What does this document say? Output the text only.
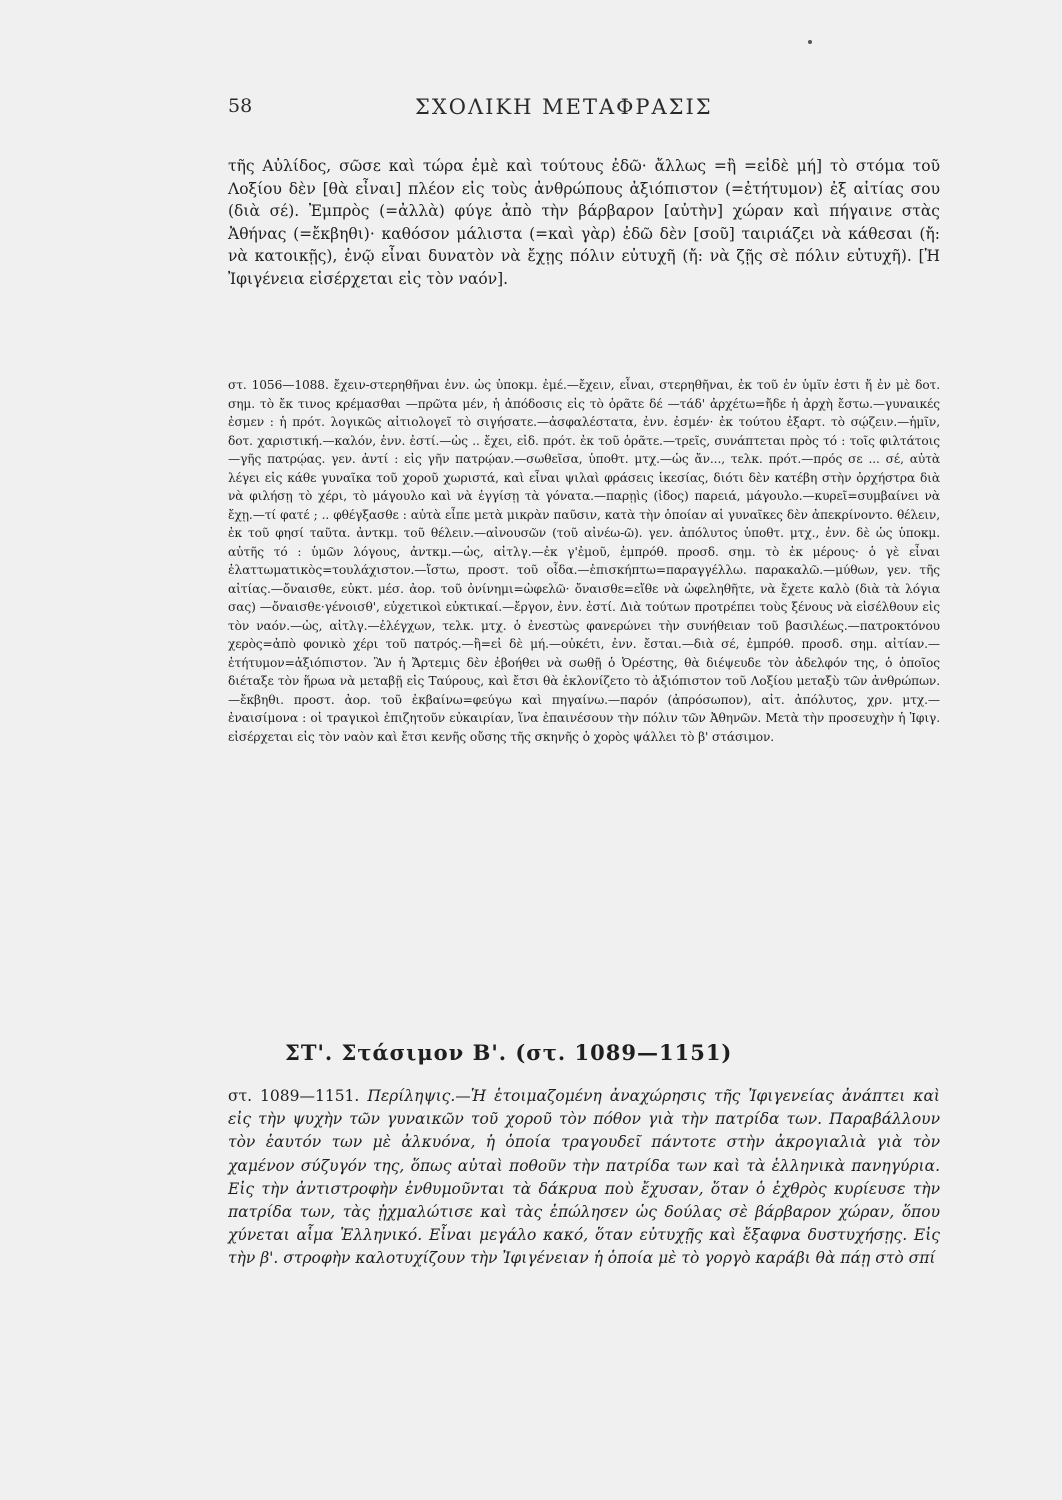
58	ΣΧΟΛΙΚΗ ΜΕΤΑΦΡΑΣΙΣ
τῆς Αὐλίδος, σῶσε καὶ τώρα ἐμὲ καὶ τούτους ἐδῶ· ἄλλως =ἢ =εἰδὲ μή] τὸ στόμα τοῦ Λοξίου δὲν [θὰ εἶναι] πλέον εἰς τοὺς ἀνθρώπους ἀξιόπιστον (=ἐτήτυμον) ἐξ αἰτίας σου (διὰ σέ). Ἐμπρὸς (=ἀλλὰ) φύγε ἀπὸ τὴν βάρβαρον [αὐτὴν] χώραν καὶ πήγαινε στὰς Ἀθήνας (=ἔκβηθι)· καθόσον μάλιστα (=καὶ γὰρ) ἐδῶ δὲν [σοῦ] ταιριάζει νὰ κάθεσαι (ἤ: νὰ κατοικῇς), ἐνῷ εἶναι δυνατὸν νὰ ἔχῃς πόλιν εὐτυχῆ (ἤ: νὰ ζῇς σὲ πόλιν εὐτυχῆ). [Ἡ Ἰφιγένεια εἰσέρχεται εἰς τὸν ναόν].
στ. 1056—1088. ἔχειν-στερηθῆναι ἐνν. ὡς ὑποκμ. ἐμέ.—ἔχειν, εἶναι, στερηθῆναι, ἐκ τοῦ ἐν ὑμῖν ἐστι ἤ ἐν μὲ δοτ. σημ. τὸ ἔκ τινος κρέμασθαι —πρῶτα μέν, ἡ ἀπόδοσις εἰς τὸ ὁρᾶτε δέ —τάδ' ἀρχέτω=ἤδε ἡ ἀρχὴ ἔστω.—γυναικές ἐσμεν : ἡ πρότ. λογικῶς αἰτιολογεῖ τὸ σιγήσατε.—ἀσφαλέστατα, ἐνν. ἐσμέν· ἐκ τούτου ἐξαρτ. τὸ σῴζειν.—ἡμῖν, δοτ. χαριστική.—καλόν, ἐνν. ἐστί.—ὡς .. ἔχει, εἰδ. πρότ. ἐκ τοῦ ὁρᾶτε.—τρεῖς, συνάπτεται πρὸς τό : τοῖς φιλτάτοις —γῆς πατρῴας. γεν. ἀντί : εἰς γῆν πατρῴαν.—σωθεῖσα, ὑποθτ. μτχ.—ὡς ἄν..., τελκ. πρότ.—πρός σε ... σέ, αὐτὰ λέγει εἰς κάθε γυναῖκα τοῦ χοροῦ χωριστά, καὶ εἶναι ψιλαὶ φράσεις ἱκεσίας, διότι δὲν κατέβη στὴν ὀρχήστρα διὰ νὰ φιλήσῃ τὸ χέρι, τὸ μάγουλο καὶ νὰ ἐγγίσῃ τὰ γόνατα.—παρῃὶς (ἰδος) παρειά, μάγουλο.—κυρεῖ=συμβαίνει νὰ ἔχῃ.—τί φατέ ; .. φθέγξασθε : αὐτὰ εἶπε μετὰ μικρὰν παῦσιν, κατὰ τὴν ὁποίαν αἱ γυναῖκες δὲν ἀπεκρίνοντο. θέλειν, ἐκ τοῦ φησί ταῦτα. ἀντκμ. τοῦ θέλειν.—αἰνουσῶν (τοῦ αἰνέω-ῶ). γεν. ἀπόλυτος ὑποθτ. μτχ., ἐνν. δὲ ὡς ὑποκμ. αὐτῆς τό : ὑμῶν λόγους, ἀντκμ.—ὡς, αἰτλγ.—ἐκ γ'ἐμοῦ, ἐμπρόθ. προσδ. σημ. τὸ ἐκ μέρους· ὁ γὲ εἶναι ἐλαττωματικὸς=τουλάχιστον.—ἴστω, προστ. τοῦ οἶδα.—ἐπισκήπτω=παραγγέλλω. παρακαλῶ.—μύθων, γεν. τῆς αἰτίας.—ὄναισθε, εὐκτ. μέσ. ἀορ. τοῦ ὀνίνημι=ὠφελῶ· ὄναισθε=εἴθε νὰ ὠφεληθῆτε, νὰ ἔχετε καλὸ (διὰ τὰ λόγια σας) —ὄναισθε·γένοισθ', εὐχετικοὶ εὐκτικαί.—ἔργον, ἐνν. ἐστί. Διὰ τούτων προτρέπει τοὺς ξένους νὰ εἰσέλθουν εἰς τὸν ναόν.—ὡς, αἰτλγ.—ἐλέγχων, τελκ. μτχ. ὁ ἐνεστὼς φανερώνει τὴν συνήθειαν τοῦ βασιλέως.—πατροκτόνου χερὸς=ἀπὸ φονικὸ χέρι τοῦ πατρός.—ἢ=εἰ δὲ μή.—οὐκέτι, ἐνν. ἔσται.—διὰ σέ, ἐμπρόθ. προσδ. σημ. αἰτίαν.—ἐτήτυμον=ἀξιόπιστον. Ἂν ἡ Ἄρτεμις δὲν ἐβοήθει νὰ σωθῇ ὁ Ὀρέστης, θὰ διέψευδε τὸν ἀδελφόν της, ὁ ὁποῖος διέταξε τὸν ἥρωα νὰ μεταβῇ εἰς Ταύρους, καὶ ἔτσι θὰ ἐκλονίζετο τὸ ἀξιόπιστον τοῦ Λοξίου μεταξὺ τῶν ἀνθρώπων.—ἔκβηθι. προστ. ἀορ. τοῦ ἐκβαίνω=φεύγω καὶ πηγαίνω.—παρόν (ἀπρόσωπον), αἰτ. ἀπόλυτος, χρν. μτχ.—ἐναισίμονα : οἱ τραγικοὶ ἐπιζητοῦν εὐκαιρίαν, ἵνα ἐπαινέσουν τὴν πόλιν τῶν Ἀθηνῶν. Μετὰ τὴν προσευχὴν ἡ Ἰφιγ. εἰσέρχεται εἰς τὸν ναὸν καὶ ἔτσι κενῆς οὔσης τῆς σκηνῆς ὁ χορὸς ψάλλει τὸ β' στάσιμον.
ΣΤ'. Στάσιμον Β'. (στ. 1089—1151)
στ. 1089—1151. Περίληψις.—Ἡ ἑτοιμαζομένη ἀναχώρησις τῆς Ἰφιγενείας ἀνάπτει καὶ εἰς τὴν ψυχὴν τῶν γυναικῶν τοῦ χοροῦ τὸν πόθον γιὰ τὴν πατρίδα των. Παραβάλλουν τὸν ἑαυτόν των μὲ ἀλκυόνα, ἡ ὁποία τραγουδεῖ πάντοτε στὴν ἀκρογιαλιὰ γιὰ τὸν χαμένον σύζυγόν της, ὅπως αὐταὶ ποθοῦν τὴν πατρίδα των καὶ τὰ ἑλληνικὰ πανηγύρια. Εἰς τὴν ἀντιστροφὴν ἐνθυμοῦνται τὰ δάκρυα ποὺ ἔχυσαν, ὅταν ὁ ἐχθρὸς κυρίευσε τὴν πατρίδα των, τὰς ᾐχμαλώτισε καὶ τὰς ἐπώλησεν ὡς δούλας σὲ βάρβαρον χώραν, ὅπου χύνεται αἷμα Ἑλληνικό. Εἶναι μεγάλο κακό, ὅταν εὐτυχῇς καὶ ἔξαφνα δυστυχήσῃς. Εἰς τὴν β'. στροφὴν καλοτυχίζουν τὴν Ἰφιγένειαν ἡ ὁποία μὲ τὸ γοργὸ καράβι θὰ πάῃ στὸ σπί
